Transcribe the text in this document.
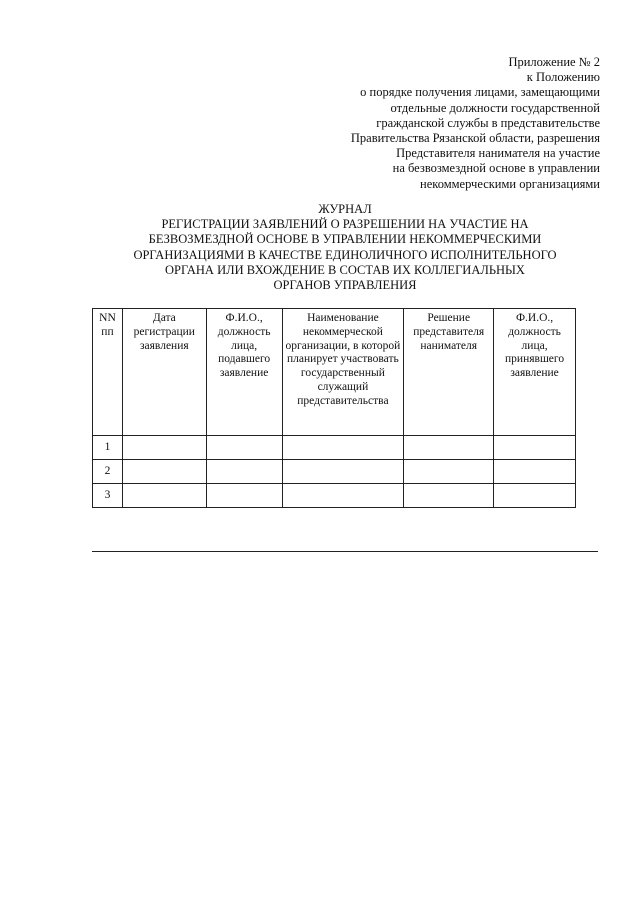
Приложение № 2
к Положению
о порядке получения лицами, замещающими
отдельные должности государственной
гражданской службы в представительстве
Правительства Рязанской области, разрешения
Представителя нанимателя на участие
на безвозмездной основе в управлении
некоммерческими организациями
ЖУРНАЛ
РЕГИСТРАЦИИ ЗАЯВЛЕНИЙ О РАЗРЕШЕНИИ НА УЧАСТИЕ НА
БЕЗВОЗМЕЗДНОЙ ОСНОВЕ В УПРАВЛЕНИИ НЕКОММЕРЧЕСКИМИ
ОРГАНИЗАЦИЯМИ В КАЧЕСТВЕ ЕДИНОЛИЧНОГО ИСПОЛНИТЕЛЬНОГО
ОРГАНА ИЛИ ВХОЖДЕНИЕ В СОСТАВ ИХ КОЛЛЕГИАЛЬНЫХ
ОРГАНОВ УПРАВЛЕНИЯ
NN пп	Дата регистрации заявления	Ф.И.О., должность лица, подавшего заявление	Наименование некоммерческой организации, в которой планирует участвовать государственный служащий представительства	Решение представителя нанимателя	Ф.И.О., должность лица, принявшего заявление
1					
2					
3					
